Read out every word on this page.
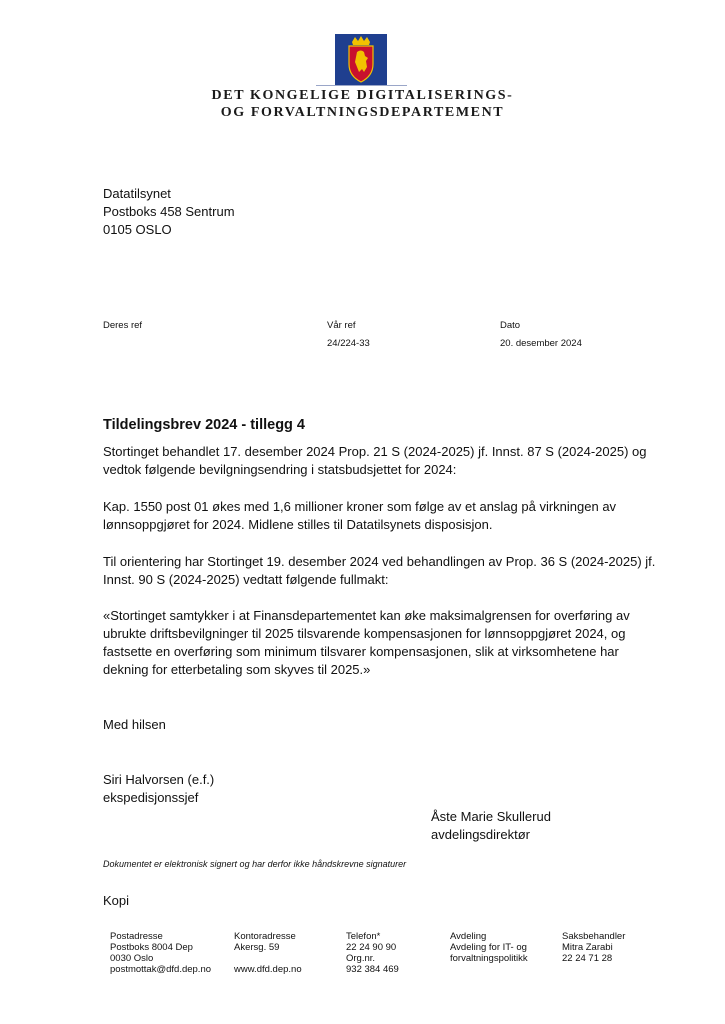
DET KONGELIGE DIGITALISERINGS-
OG FORVALTNINGSDEPARTEMENT
Datatilsynet
Postboks 458 Sentrum
0105 OSLO
Deres ref	Vår ref
24/224-33
Dato
20. desember 2024
Tildelingsbrev 2024 - tillegg 4
Stortinget behandlet 17. desember 2024 Prop. 21 S (2024-2025) jf. Innst. 87 S (2024-2025) og vedtok følgende bevilgningsendring i statsbudsjettet for 2024:
Kap. 1550 post 01 økes med 1,6 millioner kroner som følge av et anslag på virkningen av lønnsoppgjøret for 2024. Midlene stilles til Datatilsynets disposisjon.
Til orientering har Stortinget 19. desember 2024 ved behandlingen av Prop. 36 S (2024-2025) jf. Innst. 90 S (2024-2025) vedtatt følgende fullmakt:
«Stortinget samtykker i at Finansdepartementet kan øke maksimalgrensen for overføring av ubrukte driftsbevilgninger til 2025 tilsvarende kompensasjonen for lønnsoppgjøret 2024, og fastsette en overføring som minimum tilsvarer kompensasjonen, slik at virksomhetene har dekning for etterbetaling som skyves til 2025.»
Med hilsen
Siri Halvorsen (e.f.)
ekspedisjonssjef
Åste Marie Skullerud
avdelingsdirektør
Dokumentet er elektronisk signert og har derfor ikke håndskrevne signaturer
Kopi
Postadresse
Postboks 8004 Dep
0030 Oslo
postmottak@dfd.dep.no
Kontoradresse
Akersg. 59

www.dfd.dep.no
Telefon*
22 24 90 90
Org.nr.
932 384 469
Avdeling
Avdeling for IT- og
forvaltningspolitikk
Saksbehandler
Mitra Zarabi
22 24 71 28
